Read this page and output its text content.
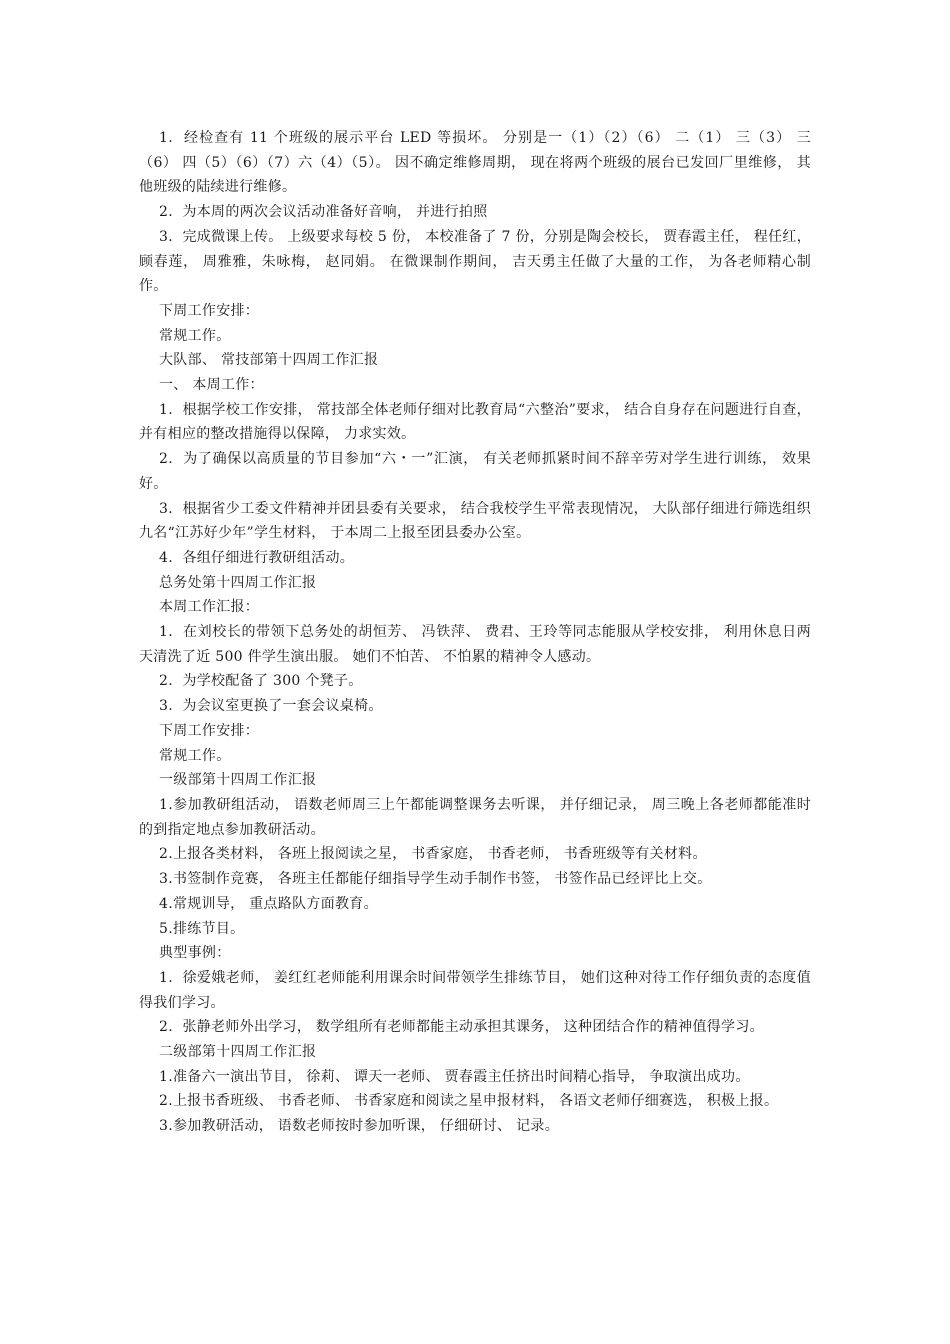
1.  经检查有 11 个班级的展示平台 LED 等损坏。 分别是一（1）（2）（6） 二（1） 三（3） 三（6） 四（5）（6）（7）六（4）（5）。 因不确定维修周期， 现在将两个班级的展台已发回厂里维修， 其他班级的陆续进行维修。

2.  为本周的两次会议活动准备好音响， 并进行拍照

3.  完成微课上传。 上级要求每校 5 份， 本校准备了 7 份，分别是陶会校长， 贾春霞主任， 程任红， 顾春莲， 周雅雅，朱咏梅， 赵同娟。 在微课制作期间， 吉天勇主任做了大量的工作， 为各老师精心制作。

下周工作安排：

常规工作。

大队部、 常技部第十四周工作汇报

一、 本周工作：

1.  根据学校工作安排， 常技部全体老师仔细对比教育局“六整治”要求， 结合自身存在问题进行自查， 并有相应的整改措施得以保障， 力求实效。

2.  为了确保以高质量的节目参加“六・一”汇演， 有关老师抓紧时间不辞辛劳对学生进行训练， 效果好。

3.  根据省少工委文件精神并团县委有关要求， 结合我校学生平常表现情况， 大队部仔细进行筛选组织九名“江苏好少年”学生材料， 于本周二上报至团县委办公室。

4.  各组仔细进行教研组活动。

总务处第十四周工作汇报

本周工作汇报：

1.  在刘校长的带领下总务处的胡恒芳、 冯铁萍、 费君、王玲等同志能服从学校安排， 利用休息日两天清洗了近 500 件学生演出服。 她们不怕苦、 不怕累的精神令人感动。

2.  为学校配备了 300 个凳子。

3.  为会议室更换了一套会议桌椅。

下周工作安排：

常规工作。

一级部第十四周工作汇报

1.参加教研组活动， 语数老师周三上午都能调整课务去听课， 并仔细记录， 周三晚上各老师都能准时的到指定地点参加教研活动。

2.上报各类材料， 各班上报阅读之星， 书香家庭， 书香老师， 书香班级等有关材料。

3.书签制作竞赛， 各班主任都能仔细指导学生动手制作书签， 书签作品已经评比上交。

4.常规训导， 重点路队方面教育。

5.排练节目。

典型事例：

1.  徐爱娥老师， 姜红红老师能利用课余时间带领学生排练节目， 她们这种对待工作仔细负责的态度值得我们学习。

2.  张静老师外出学习， 数学组所有老师都能主动承担其课务， 这种团结合作的精神值得学习。

二级部第十四周工作汇报

1.准备六一演出节目， 徐莉、 谭天一老师、 贾春霞主任挤出时间精心指导， 争取演出成功。

2.上报书香班级、 书香老师、 书香家庭和阅读之星申报材料， 各语文老师仔细赛选， 积极上报。

3.参加教研活动， 语数老师按时参加听课， 仔细研讨、 记录。
